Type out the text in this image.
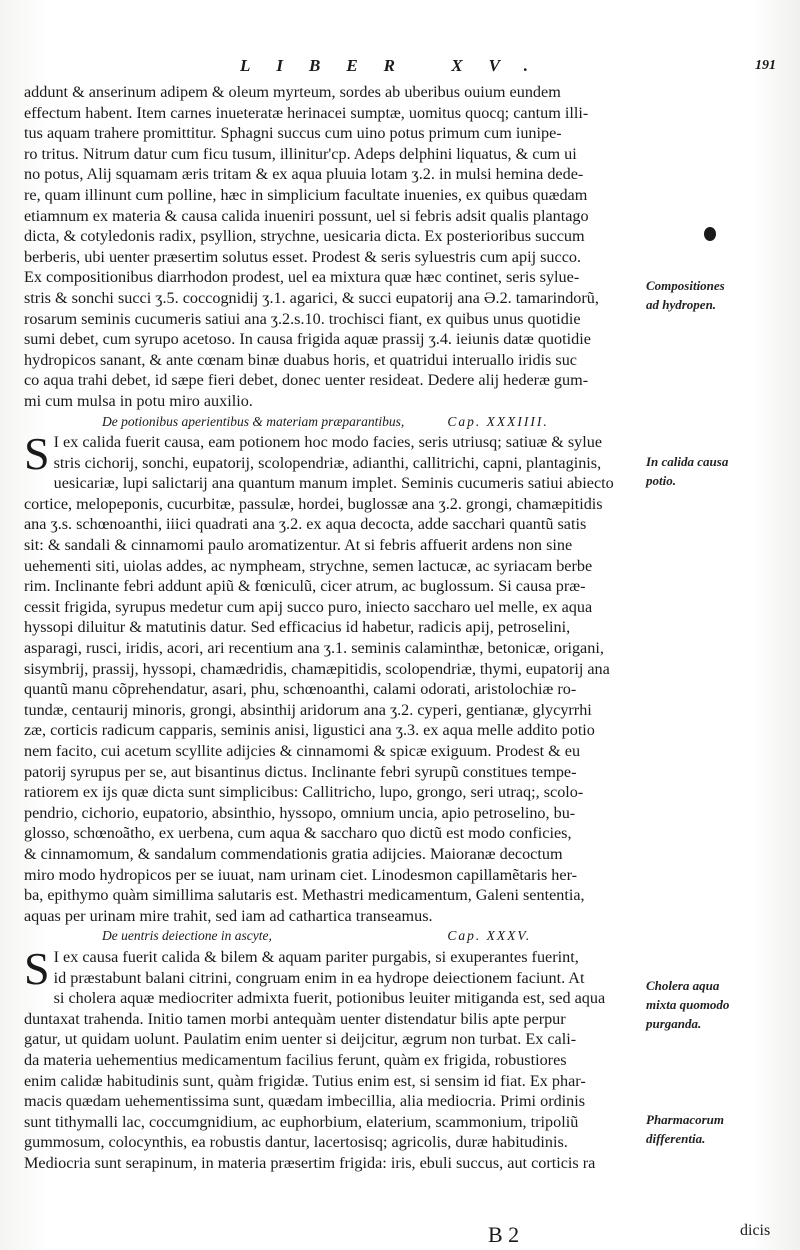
LIBER XV.	191
addunt & anserinum adipem & oleum myrteum, sordes ab uberibus ouium eundem
effectum habent. Item carnes inueteratæ herinacei sumptæ, uomitus quocq; cantum illi-
tus aquam trahere promittitur. Sphagni succus cum uino potus primum cum iunipe-
ro tritus. Nitrum datur cum ficu tusum, illinitur'cp. Adeps delphini liquatus, & cum ui
no potus, Alij squamam æris tritam & ex aqua pluuia lotam ʒ.2. in mulsi hemina dede-
re, quam illinunt cum polline, hæc in simplicium facultate inuenies, ex quibus quædam
etiamnum ex materia & causa calida inueniri possunt, uel si febris adsit qualis plantago
dicta, & cotyledonis radix, psyllion, strychne, uesicaria dicta. Ex posterioribus succum
berberis, ubi uenter præsertim solutus esset. Prodest & seris syluestris cum apij succo.
Ex compositionibus diarrhodon prodest, uel ea mixtura quæ hæc continet, seris sylue-
stris & sonchi succi ʒ.5. coccognidij ʒ.1. agarici, & succi eupatorij ana Ə.2. tamarindorũ,
rosarum seminis cucumeris satiui ana ʒ.2.s.10. trochisci fiant, ex quibus unus quotidie
sumi debet, cum syrupo acetoso. In causa frigida aquæ prassij ʒ.4. ieiunis datæ quotidie
hydropicos sanant, & ante cœnam binæ duabus horis, et quatridui interuallo iridis suc
co aqua trahi debet, id sæpe fieri debet, donec uenter resideat. Dedere alij hederæ gum-
mi cum mulsa in potu miro auxilio.
De potionibus aperientibus & materiam præparantibus,	Cap. XXXIIII.
S I ex calida fuerit causa, eam potionem hoc modo facies, seris utriusq; satiuæ & sylue
stris cichorij, sonchi, eupatorij, scolopendriæ, adianthi, callitrichi, capni, plantaginis,
uesicariæ, lupi salictarij ana quantum manum implet. Seminis cucumeris satiui abiecto
cortice, melopeponis, cucurbitæ, passulæ, hordei, buglossæ ana ʒ.2. grongi, chamæpitidis
ana ʒ.s. schœnoanthi, iiici quadrati ana ʒ.2. ex aqua decocta, adde sacchari quantũ satis
sit: & sandali & cinnamomi paulo aromatizentur. At si febris affuerit ardens non sine
uehementi siti, uiolas addes, ac nympheam, strychne, semen lactucæ, ac syriacam berbe
rim. Inclinante febri addunt apiũ & fœniculũ, cicer atrum, ac buglossum. Si causa præ-
cessit frigida, syrupus medetur cum apij succo puro, iniecto saccharo uel melle, ex aqua
hyssopi diluitur & matutinis datur. Sed efficacius id habetur, radicis apij, petroselini,
asparagi, rusci, iridis, acori, ari recentium ana ʒ.1. seminis calaminthæ, betonicæ, origani,
sisymbrij, prassij, hyssopi, chamædridis, chamæpitidis, scolopendriæ, thymi, eupatorij ana
quantũ manu cõprehendatur, asari, phu, schœnoanthi, calami odorati, aristolochiæ ro-
tundæ, centaurij minoris, grongi, absinthij aridorum ana ʒ.2. cyperi, gentianæ, glycyrrhi
zæ, corticis radicum capparis, seminis anisi, ligustici ana ʒ.3. ex aqua melle addito potio
nem facito, cui acetum scyllite adijcies & cinnamomi & spicæ exiguum. Prodest & eu
patorij syrupus per se, aut bisantinus dictus. Inclinante febri syrupũ constitues tempe-
ratiorem ex ijs quæ dicta sunt simplicibus: Callitricho, lupo, grongo, seri utraq;, scolo-
pendrio, cichorio, eupatorio, absinthio, hyssopo, omnium uncia, apio petroselino, bu-
glosso, schœnoãtho, ex uerbena, cum aqua & saccharo quo dictũ est modo conficies,
& cinnamomum, & sandalum commendationis gratia adijcies. Maioranæ decoctum
miro modo hydropicos per se iuuat, nam urinam ciet. Linodesmon capillamẽtaris her-
ba, epithymo quàm simillima salutaris est. Methastri medicamentum, Galeni sententia,
aquas per urinam mire trahit, sed iam ad cathartica transeamus.
De uentris deiectione in ascyte,	Cap. XXXV.
S I ex causa fuerit calida & bilem & aquam pariter purgabis, si exuperantes fuerint,
id præstabunt balani citrini, congruam enim in ea hydrope deiectionem faciunt. At
si cholera aquæ mediocriter admixta fuerit, potionibus leuiter mitiganda est, sed aqua
duntaxat trahenda. Initio tamen morbi antequàm uenter distendatur bilis apte perpur
gatur, ut quidam uolunt. Paulatim enim uenter si deijcitur, ægrum non turbat. Ex cali-
da materia uehementius medicamentum facilius ferunt, quàm ex frigida, robustiores
enim calidæ habitudinis sunt, quàm frigidæ. Tutius enim est, si sensim id fiat. Ex phar-
macis quædam uehementissima sunt, quædam imbecillia, alia mediocria. Primi ordinis
sunt tithymalli lac, coccumgnidium, ac euphorbium, elaterium, scammonium, tripoliũ
gummosum, colocynthis, ea robustis dantur, lacertosisq; agricolis, duræ habitudinis.
Mediocria sunt serapinum, in materia præsertim frigida: iris, ebuli succus, aut corticis ra
Compositiones
ad hydropen.
In calida causa
potio.
Cholera aqua
mixta quomodo
purganda.
Pharmacorum
differentia.
B 2	dicis
